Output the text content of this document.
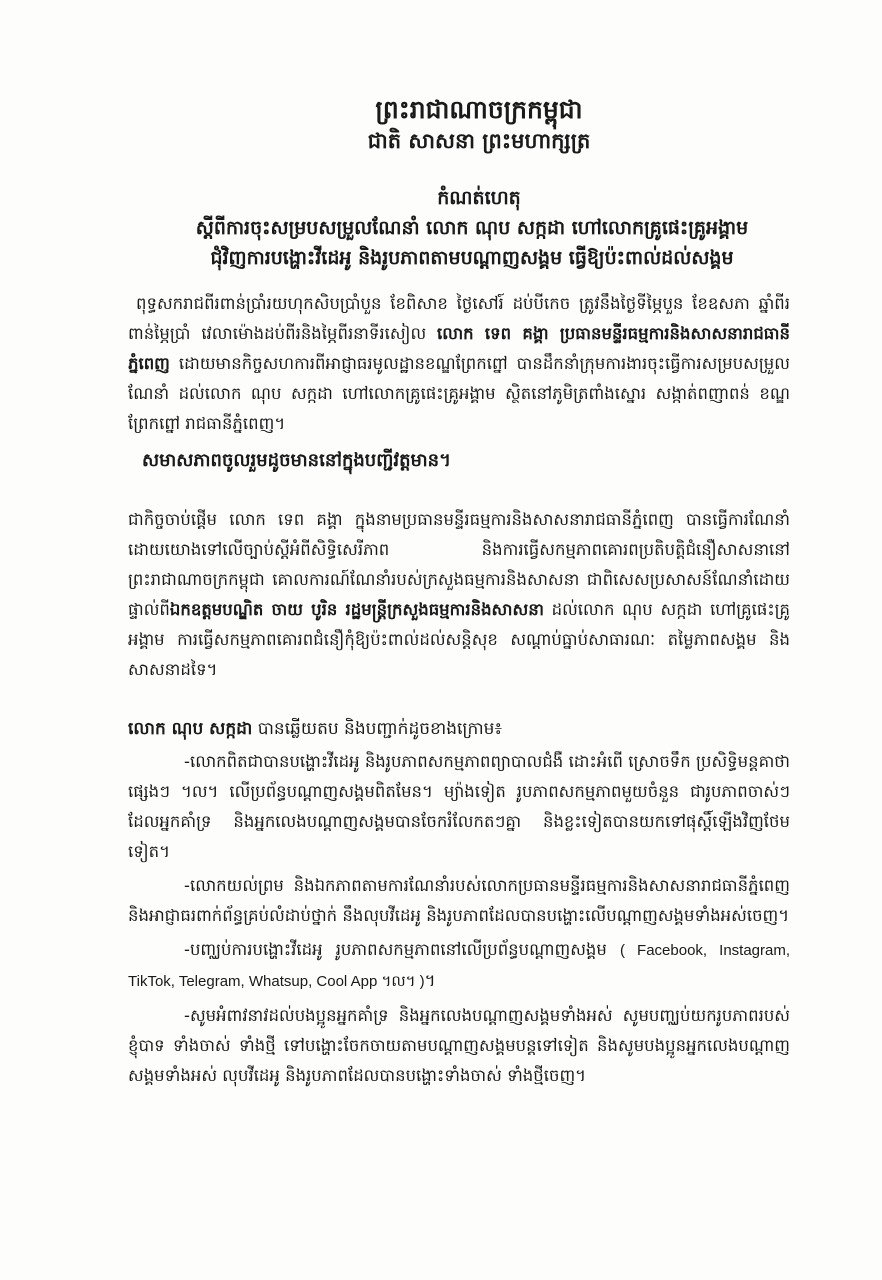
ព្រះរាជាណាចក្រកម្ពុជា
ជាតិ សាសនា ព្រះមហាក្សត្រ
កំណត់ហេតុ
ស្តីពីការចុះសម្របសម្រួលណែនាំ លោក ណុប សក្កដា ហៅលោកគ្រូផេះគ្រូអង្គាម
ជុំវិញការបង្ហោះវីដេអូ និងរូបភាពតាមបណ្តាញសង្គម ធ្វើឱ្យប៉ះពាល់ដល់សង្គម

ពុទ្ធសករាជពីរពាន់ប្រាំរយហុកសិបប្រាំបួន ខែពិសាខ ថ្ងៃសៅរ៍ ដប់បីកេច ត្រូវនឹងថ្ងៃទីម្ភៃបួន ខែឧសភា ឆ្នាំពីរពាន់ម្ភៃប្រាំ វេលាម៉ោងដប់ពីរនិងម្ភៃពីរនាទីរសៀល លោក ទេព គង្គា ប្រធានមន្ទីរធម្មការនិងសាសនារាជធានីភ្នំពេញ ដោយមានកិច្ចសហការពីអាជ្ញាធរមូលដ្ឋានខណ្ឌព្រែកព្នៅ បានដឹកនាំក្រុមការងារចុះធ្វើការសម្របសម្រួលណែនាំ ដល់លោក ណុប សក្កដា ហៅលោកគ្រូផេះគ្រូអង្គាម ស្ថិតនៅភូមិត្រពាំងស្នោរ សង្កាត់ពញាពន់ ខណ្ឌព្រែកព្នៅ រាជធានីភ្នំពេញ។

សមាសភាពចូលរួមដូចមាននៅក្នុងបញ្ជីវត្តមាន។

ជាកិច្ចចាប់ផ្តើម លោក ទេព គង្គា ក្នុងនាមប្រធានមន្ទីរធម្មការនិងសាសនារាជធានីភ្នំពេញ បានធ្វើការណែនាំ ដោយយោងទៅលើច្បាប់ស្តីអំពីសិទ្ធិសេរីភាព និងការធ្វើសកម្មភាពគោរពប្រតិបត្តិជំនឿសាសនានៅព្រះរាជាណាចក្រកម្ពុជា គោលការណ៍ណែនាំរបស់ក្រសួងធម្មការនិងសាសនា ជាពិសេសប្រសាសន៍ណែនាំដោយផ្ទាល់ពីឯកឧត្តមបណ្ឌិត ចាយ បូរិន រដ្ឋមន្ត្រីក្រសួងធម្មការនិងសាសនា ដល់លោក ណុប សក្កដា ហៅគ្រូផេះគ្រូអង្គាម ការធ្វើសកម្មភាពគោរពជំនឿកុំឱ្យប៉ះពាល់ដល់សន្តិសុខ សណ្តាប់ធ្នាប់សាធារណៈ តម្លៃភាពសង្គម និងសាសនាដទៃ។

លោក ណុប សក្កដា បានឆ្លើយតប និងបញ្ជាក់ដូចខាងក្រោម៖

-លោកពិតជាបានបង្ហោះវីដេអូ និងរូបភាពសកម្មភាពព្យាបាលជំងឺ ដោះអំពើ ស្រោចទឹក ប្រសិទ្ធិមន្តគាថាផ្សេងៗ ។ល។ លើប្រព័ន្ធបណ្តាញសង្គមពិតមែន។ ម្យ៉ាងទៀត រូបភាពសកម្មភាពមួយចំនួន ជារូបភាពចាស់ៗដែលអ្នកគាំទ្រ និងអ្នកលេងបណ្តាញសង្គមបានចែករំលែកតៗគ្នា និងខ្លះទៀតបានយកទៅផុស្តិ៍ឡើងវិញថែមទៀត។

-លោកយល់ព្រម និងឯកភាពតាមការណែនាំរបស់លោកប្រធានមន្ទីរធម្មការនិងសាសនារាជធានីភ្នំពេញ និងអាជ្ញាធរពាក់ព័ន្ធគ្រប់លំដាប់ថ្នាក់ នឹងលុបវីដេអូ និងរូបភាពដែលបានបង្ហោះលើបណ្តាញសង្គមទាំងអស់ចេញ។

-បញ្ឈប់ការបង្ហោះវីដេអូ រូបភាពសកម្មភាពនៅលើប្រព័ន្ធបណ្តាញសង្គម ( Facebook, Instagram, TikTok, Telegram, Whatsup, Cool App ។ល។ )។

-សូមអំពាវនាវដល់បងប្អូនអ្នកគាំទ្រ និងអ្នកលេងបណ្តាញសង្គមទាំងអស់ សូមបញ្ឈប់យករូបភាពរបស់ខ្ញុំបាទ ទាំងចាស់ ទាំងថ្មី ទៅបង្ហោះចែកចាយតាមបណ្តាញសង្គមបន្តទៅទៀត និងសូមបងប្អូនអ្នកលេងបណ្តាញសង្គមទាំងអស់ លុបវីដេអូ និងរូបភាពដែលបានបង្ហោះទាំងចាស់ ទាំងថ្មីចេញ។
